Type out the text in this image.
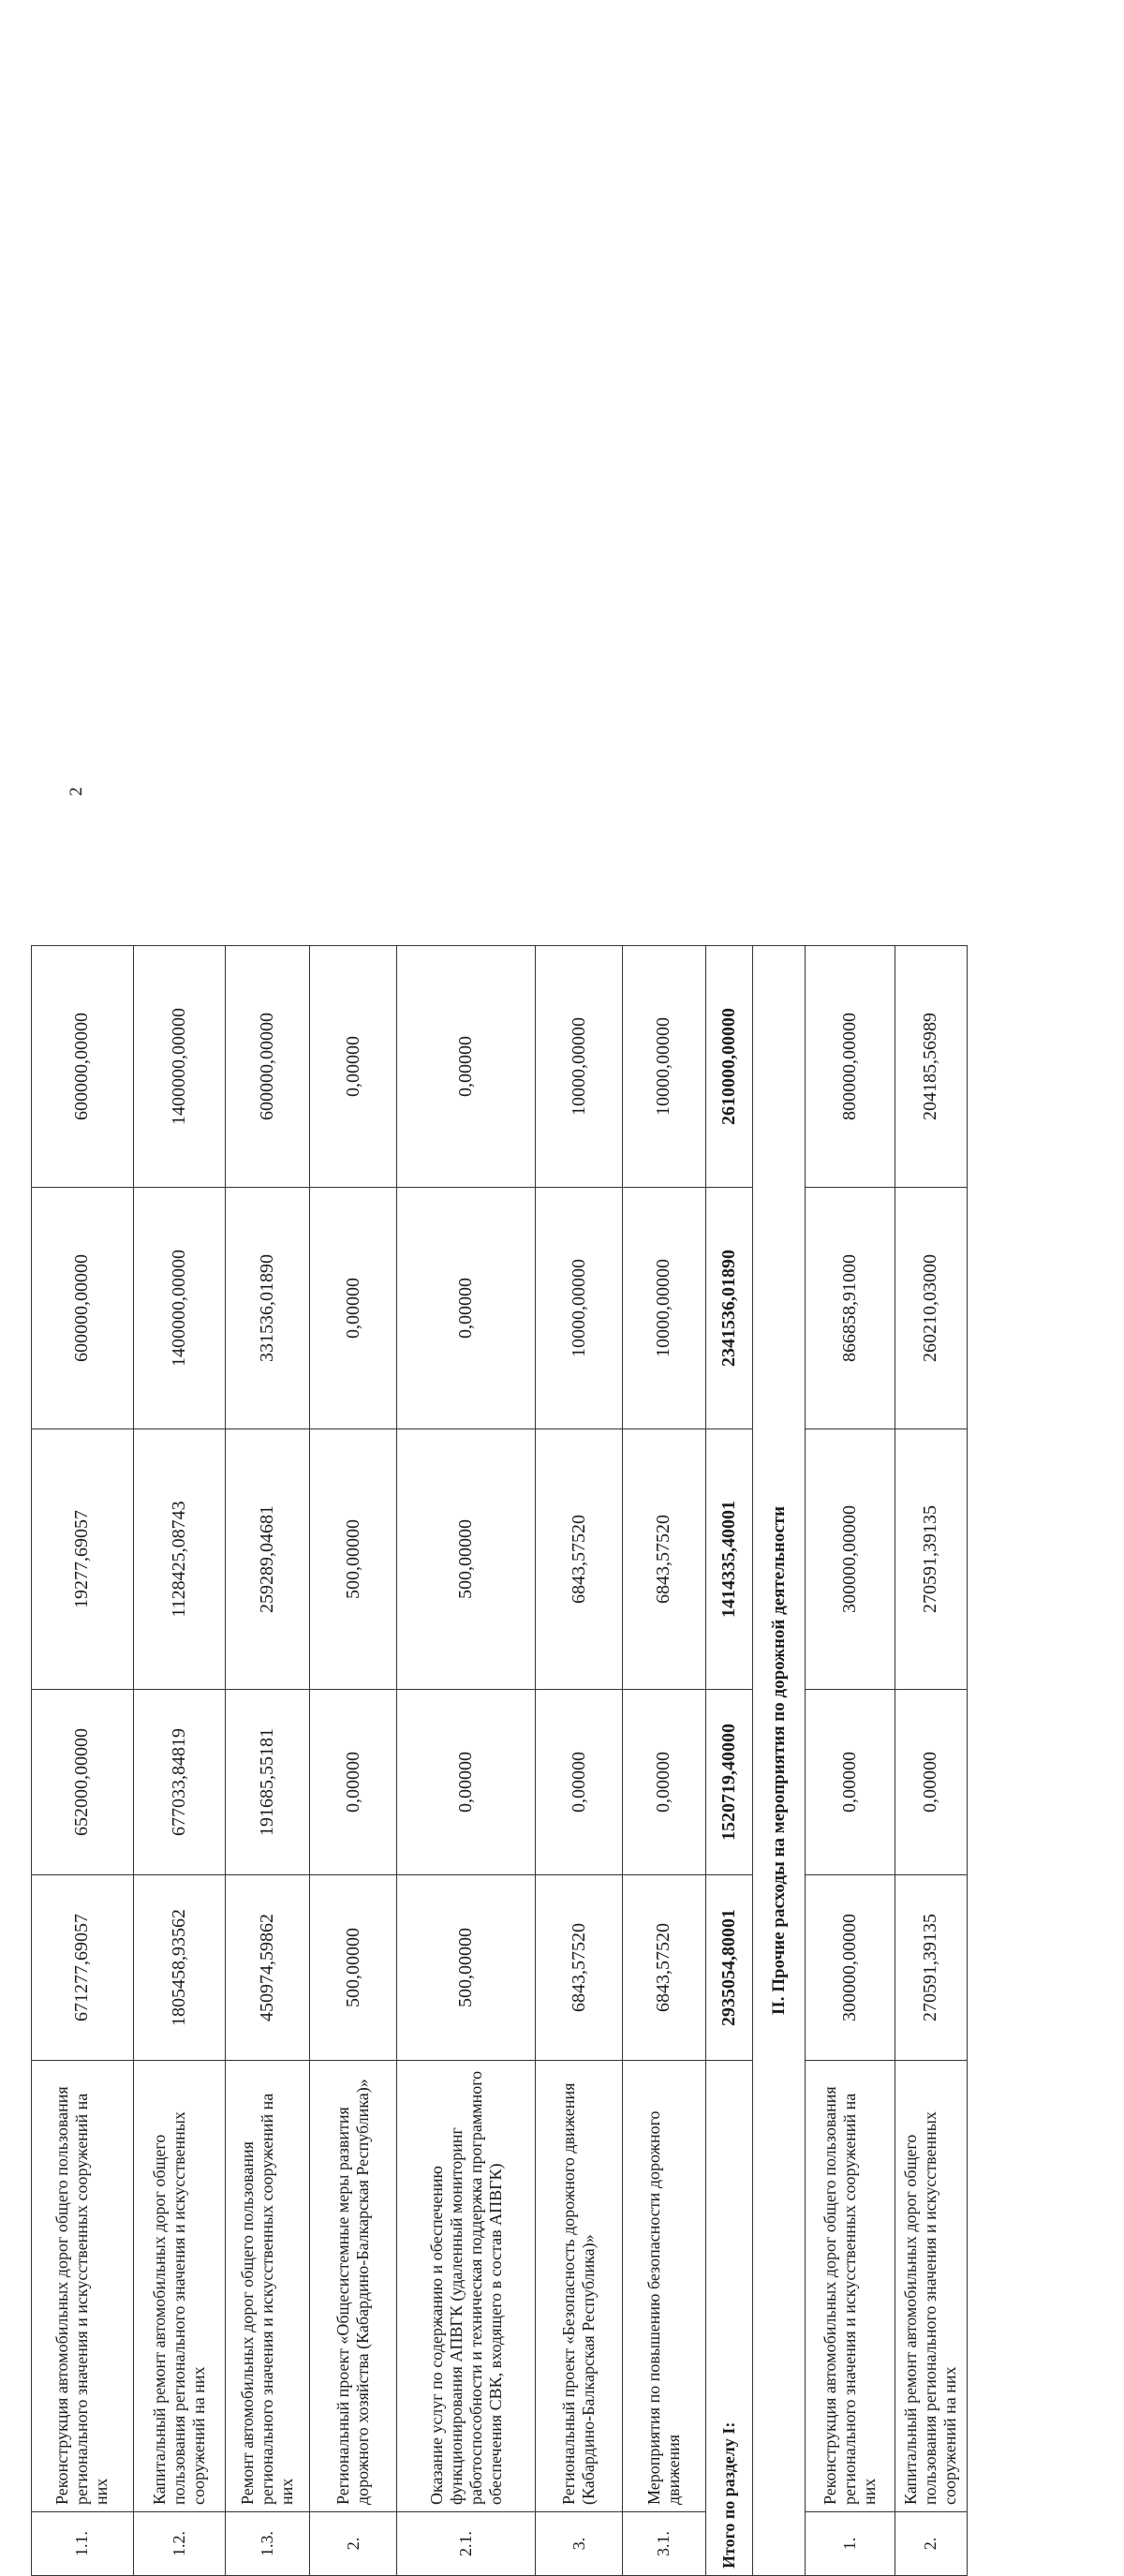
2
1.1.	Реконструкция автомобильных дорог общего пользования регионального значения и искусственных сооружений на них	671277,69057	652000,00000	19277,69057	600000,00000	600000,00000
1.2.	Капитальный ремонт автомобильных дорог общего пользования регионального значения и искусственных сооружений на них	1805458,93562	677033,84819	1128425,08743	1400000,00000	1400000,00000
1.3.	Ремонт автомобильных дорог общего пользования регионального значения и искусственных сооружений на них	450974,59862	191685,55181	259289,04681	331536,01890	600000,00000
2.	Региональный проект «Общесистемные меры развития дорожного хозяйства (Кабардино-Балкарская Республика)»	500,00000	0,00000	500,00000	0,00000	0,00000
2.1.	Оказание услуг по содержанию и обеспечению функционирования АПВГК (удаленный мониторинг работоспособности и техническая поддержка программного обеспечения СВК, входящего в состав АПВГК)	500,00000	0,00000	500,00000	0,00000	0,00000
3.	Региональный проект «Безопасность дорожного движения (Кабардино-Балкарская Республика)»	6843,57520	0,00000	6843,57520	10000,00000	10000,00000
3.1.	Мероприятия по повышению безопасности дорожного движения	6843,57520	0,00000	6843,57520	10000,00000	10000,00000
Итого по разделу I:		2935054,80001	1520719,40000	1414335,40001	2341536,01890	2610000,00000
II. Прочие расходы на мероприятия по дорожной деятельности						
1.	Реконструкция автомобильных дорог общего пользования регионального значения и искусственных сооружений на них	300000,00000	0,00000	300000,00000	866858,91000	800000,00000
2.	Капитальный ремонт автомобильных дорог общего пользования регионального значения и искусственных сооружений на них	270591,39135	0,00000	270591,39135	260210,03000	204185,56989
